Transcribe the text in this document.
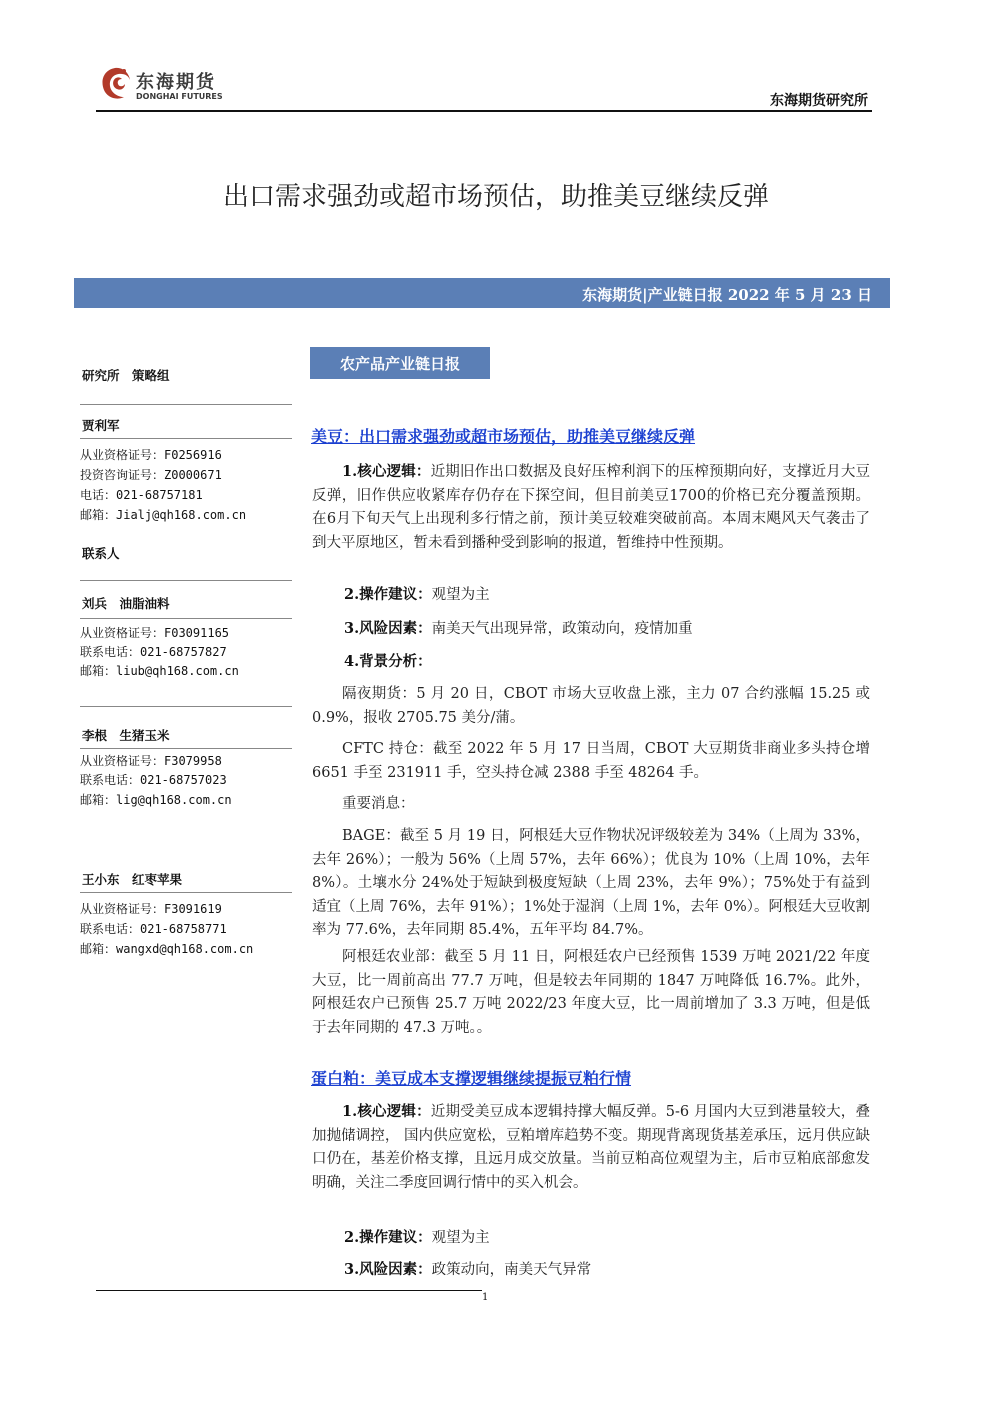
东海期货
DONGHAI FUTURES	东海期货研究所
出口需求强劲或超市场预估，助推美豆继续反弹
东海期货|产业链日报 2022 年 5 月 23 日
研究所　策略组
贾利军
从业资格证号：F0256916
投资咨询证号：Z0000671
电话：021-68757181
邮箱：Jialj@qh168.com.cn
联系人
刘兵　油脂油料
从业资格证号：F03091165
联系电话：021-68757827
邮箱：liub@qh168.com.cn
李根　生猪玉米
从业资格证号：F3079958
联系电话：021-68757023
邮箱：lig@qh168.com.cn
王小东　红枣苹果
从业资格证号：F3091619
联系电话：021-68758771
邮箱：wangxd@qh168.com.cn
农产品产业链日报
美豆：出口需求强劲或超市场预估，助推美豆继续反弹
1.核心逻辑：近期旧作出口数据及良好压榨利润下的压榨预期向好，支撑近月大豆反弹，旧作供应收紧库存仍存在下探空间，但目前美豆1700的价格已充分覆盖预期。在6月下旬天气上出现利多行情之前，预计美豆较难突破前高。本周末飓风天气袭击了到大平原地区，暂未看到播种受到影响的报道，暂维持中性预期。
2.操作建议：观望为主
3.风险因素：南美天气出现异常，政策动向，疫情加重
4.背景分析：
隔夜期货：5 月 20 日，CBOT 市场大豆收盘上涨，主力 07 合约涨幅 15.25 或 0.9%，报收 2705.75 美分/蒲。
CFTC 持仓：截至 2022 年 5 月 17 日当周，CBOT 大豆期货非商业多头持仓增 6651 手至 231911 手，空头持仓减 2388 手至 48264 手。
重要消息：
BAGE：截至 5 月 19 日，阿根廷大豆作物状况评级较差为 34%（上周为 33%，去年 26%）；一般为 56%（上周 57%，去年 66%）；优良为 10%（上周 10%，去年 8%）。土壤水分 24%处于短缺到极度短缺（上周 23%，去年 9%）；75%处于有益到适宜（上周 76%，去年 91%）；1%处于湿润（上周 1%，去年 0%）。阿根廷大豆收割率为 77.6%，去年同期 85.4%，五年平均 84.7%。
阿根廷农业部：截至 5 月 11 日，阿根廷农户已经预售 1539 万吨 2021/22 年度大豆，比一周前高出 77.7 万吨，但是较去年同期的 1847 万吨降低 16.7%。此外，阿根廷农户已预售 25.7 万吨 2022/23 年度大豆，比一周前增加了 3.3 万吨，但是低于去年同期的 47.3 万吨。。
蛋白粕：美豆成本支撑逻辑继续提振豆粕行情
1.核心逻辑：近期受美豆成本逻辑持撑大幅反弹。5-6 月国内大豆到港量较大，叠加抛储调控， 国内供应宽松，豆粕增库趋势不变。期现背离现货基差承压，远月供应缺口仍在，基差价格支撑，且远月成交放量。当前豆粕高位观望为主，后市豆粕底部愈发明确，关注二季度回调行情中的买入机会。
2.操作建议：观望为主
3.风险因素：政策动向，南美天气异常
1
